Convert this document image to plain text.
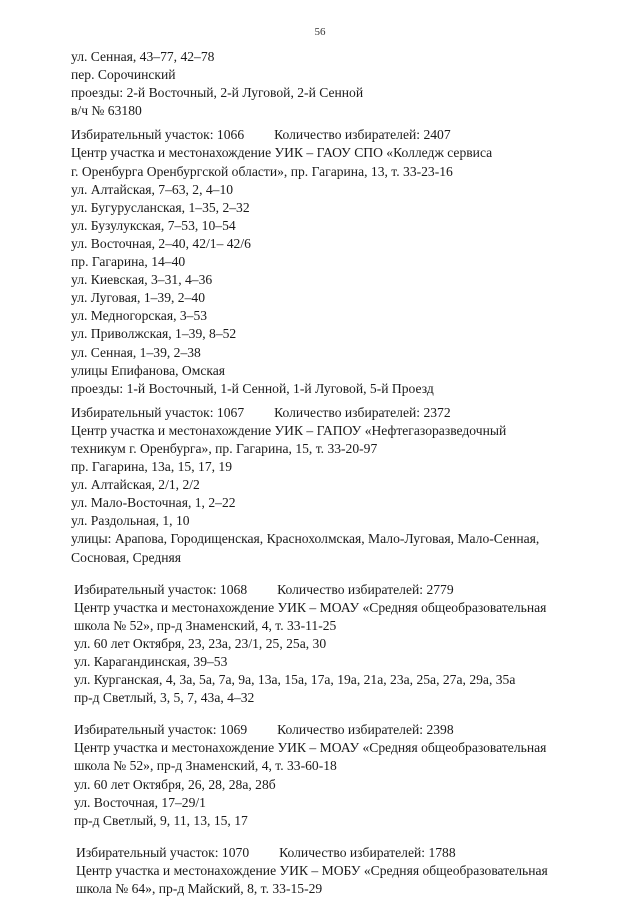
56
ул. Сенная, 43–77, 42–78
пер. Сорочинский
проезды: 2-й Восточный, 2-й Луговой, 2-й Сенной
в/ч № 63180
Избирательный участок: 1066 Количество избирателей: 2407
Центр участка и местонахождение УИК – ГАОУ СПО «Колледж сервиса
г. Оренбурга Оренбургской области», пр. Гагарина, 13, т. 33-23-16
ул. Алтайская, 7–63, 2, 4–10
ул. Бугурусланская, 1–35, 2–32
ул. Бузулукская, 7–53, 10–54
ул. Восточная, 2–40, 42/1– 42/6
пр. Гагарина, 14–40
ул. Киевская, 3–31, 4–36
ул. Луговая, 1–39, 2–40
ул. Медногорская, 3–53
ул. Приволжская, 1–39, 8–52
ул. Сенная, 1–39, 2–38
улицы Епифанова, Омская
проезды: 1-й Восточный, 1-й Сенной, 1-й Луговой, 5-й Проезд
Избирательный участок: 1067 Количество избирателей: 2372
Центр участка и местонахождение УИК – ГАПОУ «Нефтегазоразведочный
техникум г. Оренбурга», пр. Гагарина, 15, т. 33-20-97
пр. Гагарина, 13а, 15, 17, 19
ул. Алтайская, 2/1, 2/2
ул. Мало-Восточная, 1, 2–22
ул. Раздольная, 1, 10
улицы: Арапова, Городищенская, Краснохолмская, Мало-Луговая, Мало-Сенная,
Сосновая, Средняя
Избирательный участок: 1068 Количество избирателей: 2779
Центр участка и местонахождение УИК – МОАУ «Средняя общеобразовательная
школа № 52», пр-д Знаменский, 4, т. 33-11-25
ул. 60 лет Октября, 23, 23а, 23/1, 25, 25а, 30
ул. Карагандинская, 39–53
ул. Курганская, 4, 3а, 5а, 7а, 9а, 13а, 15а, 17а, 19а, 21а, 23а, 25а, 27а, 29а, 35а
пр-д Светлый, 3, 5, 7, 43а, 4–32
Избирательный участок: 1069 Количество избирателей: 2398
Центр участка и местонахождение УИК – МОАУ «Средняя общеобразовательная
школа № 52», пр-д Знаменский, 4, т. 33-60-18
ул. 60 лет Октября, 26, 28, 28а, 28б
ул. Восточная, 17–29/1
пр-д Светлый, 9, 11, 13, 15, 17
Избирательный участок: 1070 Количество избирателей: 1788
Центр участка и местонахождение УИК – МОБУ «Средняя общеобразовательная
школа № 64», пр-д Майский, 8, т. 33-15-29
